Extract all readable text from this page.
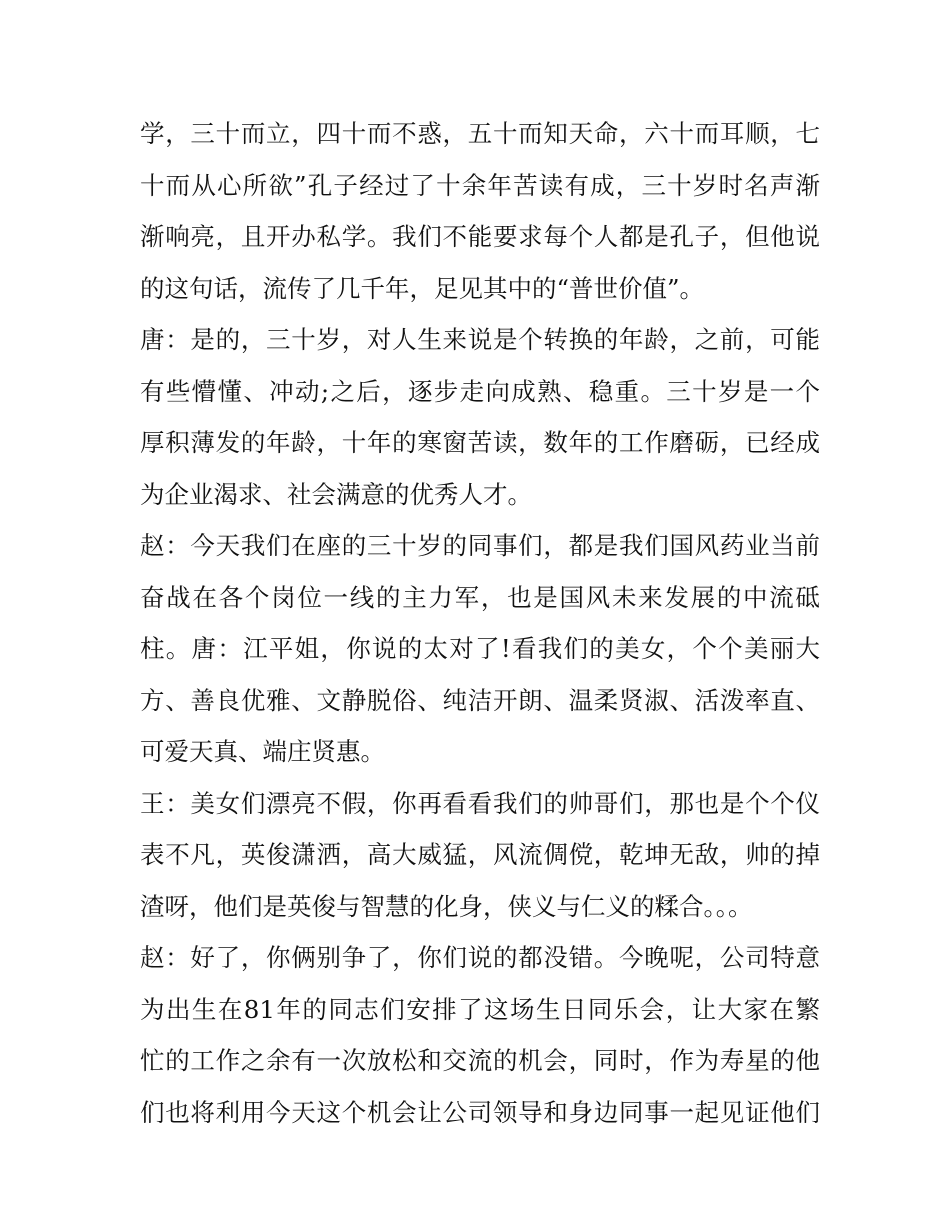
学，三十而立，四十而不惑，五十而知天命，六十而耳顺，七
十而从心所欲”孔子经过了十余年苦读有成，三十岁时名声渐
渐响亮，且开办私学。我们不能要求每个人都是孔子，但他说
的这句话，流传了几千年，足见其中的“普世价值”。
唐：是的，三十岁，对人生来说是个转换的年龄，之前，可能
有些懵懂、冲动;之后，逐步走向成熟、稳重。三十岁是一个
厚积薄发的年龄，十年的寒窗苦读，数年的工作磨砺，已经成
为企业渴求、社会满意的优秀人才。
赵：今天我们在座的三十岁的同事们，都是我们国风药业当前
奋战在各个岗位一线的主力军，也是国风未来发展的中流砥
柱。唐：江平姐，你说的太对了!看我们的美女，个个美丽大
方、善良优雅、文静脱俗、纯洁开朗、温柔贤淑、活泼率直、
可爱天真、端庄贤惠。
王：美女们漂亮不假，你再看看我们的帅哥们，那也是个个仪
表不凡，英俊潇洒，高大威猛，风流倜傥，乾坤无敌，帅的掉
渣呀，他们是英俊与智慧的化身，侠义与仁义的糅合。。。
赵：好了，你俩别争了，你们说的都没错。今晚呢，公司特意
为出生在81年的同志们安排了这场生日同乐会，让大家在繁
忙的工作之余有一次放松和交流的机会，同时，作为寿星的他
们也将利用今天这个机会让公司领导和身边同事一起见证他们
